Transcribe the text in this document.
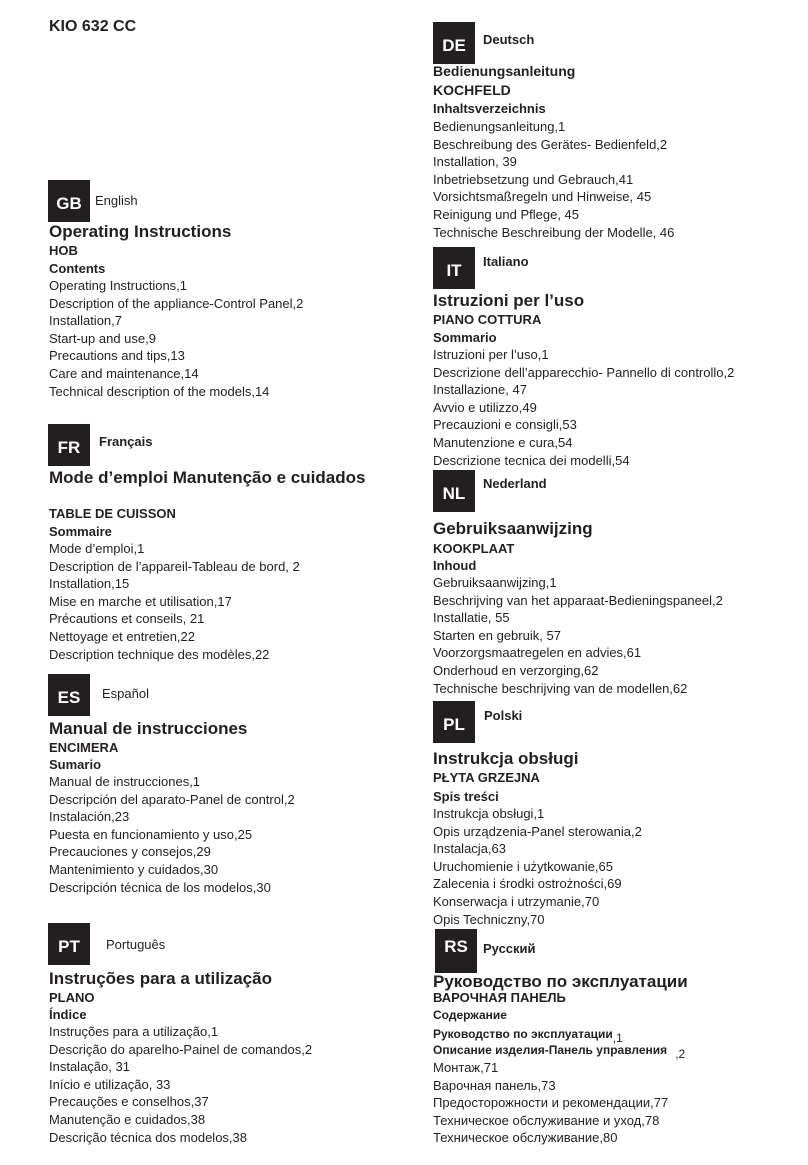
KIO 632 CC
GB English
Operating Instructions
HOB
Contents
Operating Instructions,1
Description of the appliance-Control Panel,2
Installation,7
Start-up and use,9
Precautions and tips,13
Care and maintenance,14
Technical description of the models,14
FR Français
Mode d’emploi Manutenção e cuidados
TABLE DE CUISSON
Sommaire
Mode d’emploi,1
Description de l’appareil-Tableau de bord, 2
Installation,15
Mise en marche et utilisation,17
Précautions et conseils, 21
Nettoyage et entretien,22
Description technique des modèles,22
ES Español
Manual de instrucciones
ENCIMERA
Sumario
Manual de instrucciones,1
Descripción del aparato-Panel de control,2
Instalación,23
Puesta en funcionamiento y uso,25
Precauciones y consejos,29
Mantenimiento y cuidados,30
Descripción técnica de los modelos,30
PT Português
Instruções para a utilização
PLANO
Índice
Instruções para a utilização,1
Descrição do aparelho-Painel de comandos,2
Instalação, 31
Início e utilização, 33
Precauções e conselhos,37
Manutenção e cuidados,38
Descrição técnica dos modelos,38
DE Deutsch
Bedienungsanleitung
KOCHFELD
Inhaltsverzeichnis
Bedienungsanleitung,1
Beschreibung des Gerätes- Bedienfeld,2
Installation, 39
Inbetriebsetzung und Gebrauch,41
Vorsichtsmaßregeln und Hinweise, 45
Reinigung und Pflege, 45
Technische Beschreibung der Modelle, 46
IT Italiano
Istruzioni per l’uso
PIANO COTTURA
Sommario
Istruzioni per l’uso,1
Descrizione dell’apparecchio- Pannello di controllo,2
Installazione, 47
Avvio e utilizzo,49
Precauzioni e consigli,53
Manutenzione e cura,54
Descrizione tecnica dei modelli,54
NL
Nederland
Gebruiksaanwijzing
KOOKPLAAT
Inhoud
Gebruiksaanwijzing,1
Beschrijving van het apparaat-Bedieningspaneel,2
Installatie, 55
Starten en gebruik, 57
Voorzorgsmaatregelen en advies,61
Onderhoud en verzorging,62
Technische beschrijving van de modellen,62
PL Polski
Instrukcja obsługi
PŁYTA GRZEJNA
Spis treści
Instrukcja obsługi,1
Opis urządzenia-Panel sterowania,2
Instalacja,63
Uruchomienie i użytkowanie,65
Zalecenia i środki ostrożności,69
Konserwacja i utrzymanie,70
Opis Techniczny,70
RS Русский
Руководство по эксплуатации
ВАРОЧНАЯ ПАНЕЛЬ
Содержание
Руководство по эксплуатации,1
Описание изделия-Панель управления ,2
Монтаж,71
Варочная панель,73
Предосторожности и рекомендации,77
Техническое обслуживание и уход,78
Техническое обслуживание,80
